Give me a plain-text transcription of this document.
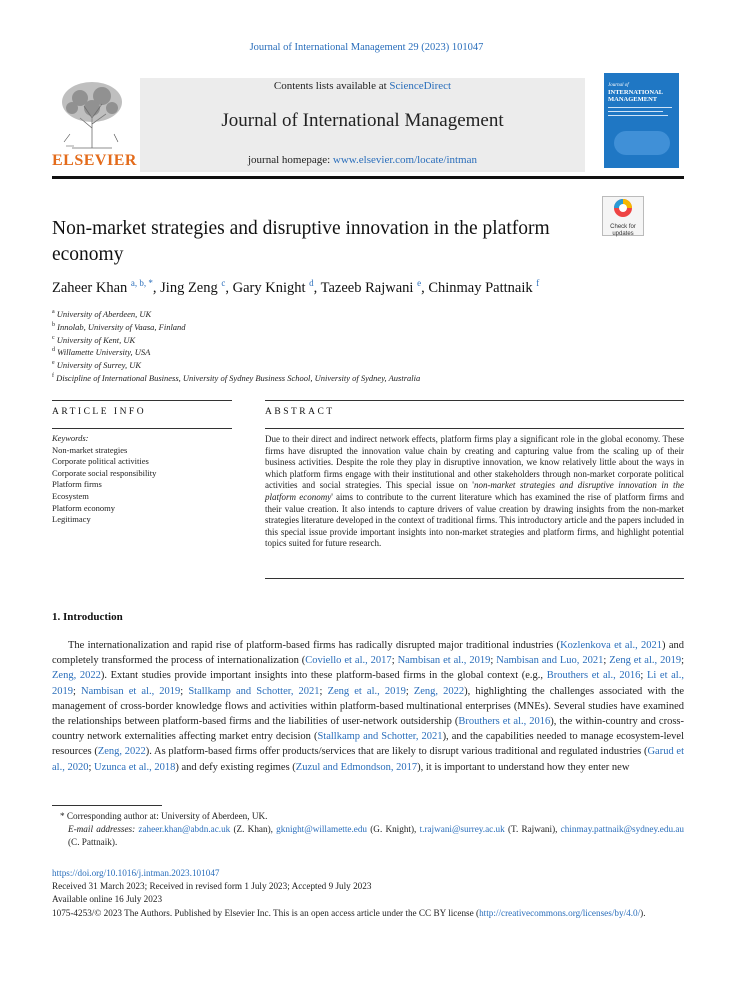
Journal of International Management 29 (2023) 101047
ELSEVIER
Contents lists available at ScienceDirect
Journal of International Management
journal homepage: www.elsevier.com/locate/intman
Journal of
INTERNATIONAL MANAGEMENT
Check for updates
Non-market strategies and disruptive innovation in the platform economy
Zaheer Khan $^{a, b, *}$, Jing Zeng $^c$, Gary Knight $^d$, Tazeeb Rajwani $^e$, Chinmay Pattnaik $^f$
$^a$ University of Aberdeen, UK
$^b$ Innolab, University of Vaasa, Finland
$^c$ University of Kent, UK
$^d$ Willamette University, USA
$^e$ University of Surrey, UK
$^f$ Discipline of International Business, University of Sydney Business School, University of Sydney, Australia
ARTICLE INFO	ABSTRACT
Keywords:
Non-market strategies
Corporate political activities
Corporate social responsibility
Platform firms
Ecosystem
Platform economy
Legitimacy
Due to their direct and indirect network effects, platform firms play a significant role in the global economy. These firms have disrupted the innovation value chain by creating and capturing value from the scaling up of their business activities. Despite the role they play in disruptive innovation, we know relatively little about the ways in which platform firms engage with their institutional and other stakeholders through non-market corporate political activities and social strategies. This special issue on 'non-market strategies and disruptive innovation in the platform economy' aims to contribute to the current literature which has examined the rise of platform firms and their value creation. It also intends to capture drivers of value creation by drawing insights from the non-market strategies literature developed in the context of traditional firms. This introductory article and the papers included in this special issue provide important insights into non-market strategies and platform firms, and highlight potential topics suited for future research.
1. Introduction
The internationalization and rapid rise of platform-based firms has radically disrupted major traditional industries (Kozlenkova et al., 2021) and completely transformed the process of internationalization (Coviello et al., 2017; Nambisan et al., 2019; Nambisan and Luo, 2021; Zeng et al., 2019; Zeng, 2022). Extant studies provide important insights into these platform-based firms in the global context (e.g., Brouthers et al., 2016; Li et al., 2019; Nambisan et al., 2019; Stallkamp and Schotter, 2021; Zeng et al., 2019; Zeng, 2022), highlighting the challenges associated with the management of cross-border knowledge flows and activities within platform-based multinational enterprises (MNEs). Several studies have examined the relationships between platform-based firms and the liabilities of user-network outsidership (Brouthers et al., 2016), the within-country and cross-country network externalities affecting market entry decision (Stallkamp and Schotter, 2021), and the capabilities needed to manage ecosystem-level resources (Zeng, 2022). As platform-based firms offer products/services that are likely to disrupt various traditional and regulated industries (Garud et al., 2020; Uzunca et al., 2018) and defy existing regimes (Zuzul and Edmondson, 2017), it is important to understand how they enter new
* Corresponding author at: University of Aberdeen, UK.
E-mail addresses: zaheer.khan@abdn.ac.uk (Z. Khan), gknight@willamette.edu (G. Knight), t.rajwani@surrey.ac.uk (T. Rajwani), chinmay.pattnaik@sydney.edu.au (C. Pattnaik).
https://doi.org/10.1016/j.intman.2023.101047
Received 31 March 2023; Received in revised form 1 July 2023; Accepted 9 July 2023
Available online 16 July 2023
1075-4253/© 2023 The Authors. Published by Elsevier Inc. This is an open access article under the CC BY license (http://creativecommons.org/licenses/by/4.0/).
